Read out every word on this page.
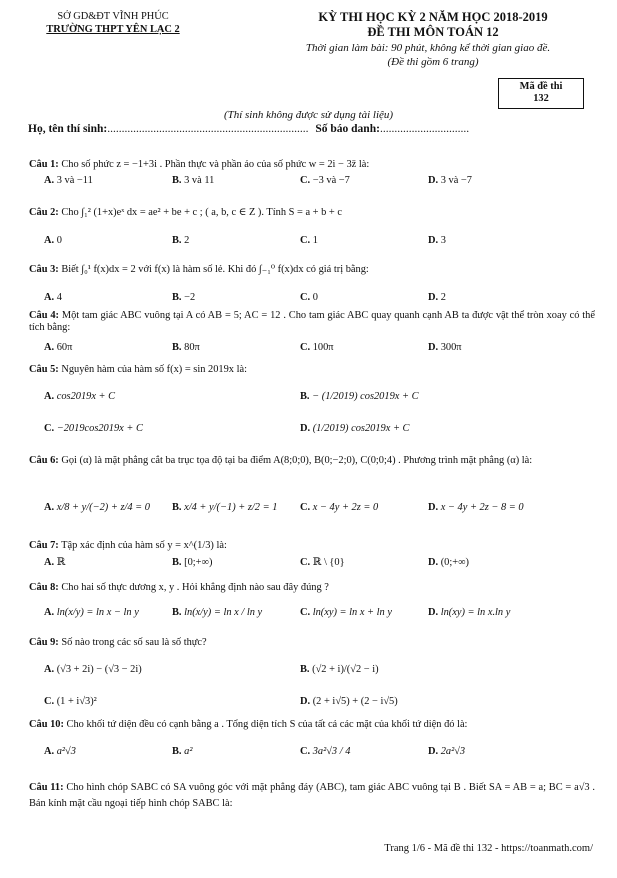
SỞ GD&ĐT VĨNH PHÚC
TRƯỜNG THPT YÊN LẠC 2
KỲ THI HỌC KỲ 2 NĂM HỌC 2018-2019
ĐỀ THI MÔN TOÁN 12
Thời gian làm bài: 90 phút, không kể thời gian giao đề.
(Đề thi gồm 6 trang)
Mã đề thi
132
(Thí sinh không được sử dụng tài liệu)
Họ, tên thí sinh:...................................................................... Số báo danh:...............................
Câu 1: Cho số phức z = −1+3i . Phần thực và phần ảo của số phức w = 2i − 3z̄ là:
A. 3 và −11	B. 3 và 11	C. −3 và −7	D. 3 và −7
Câu 2: Cho ∫₁² (1+x)eˣ dx = ae² + be + c ; ( a, b, c ∈ Z ). Tính S = a + b + c
A. 0	B. 2	C. 1	D. 3
Câu 3: Biết ∫₀¹ f(x)dx = 2 với f(x) là hàm số lẻ. Khi đó ∫₋₁⁰ f(x)dx có giá trị bằng:
A. 4	B. −2	C. 0	D. 2
Câu 4: Một tam giác ABC vuông tại A có AB = 5; AC = 12 . Cho tam giác ABC quay quanh cạnh AB ta được vật thể tròn xoay có thể tích bằng:
A. 60π	B. 80π	C. 100π	D. 300π
Câu 5: Nguyên hàm của hàm số f(x) = sin 2019x là:
A. cos2019x + C	B. − (1/2019) cos2019x + C
C. −2019cos2019x + C	D. (1/2019) cos2019x + C
Câu 6: Gọi (α) là mặt phẳng cắt ba trục tọa độ tại ba điểm A(8;0;0), B(0;−2;0), C(0;0;4) . Phương trình mặt phẳng (α) là:
A. x/8 + y/(−2) + z/4 = 0 B. x/4 + y/(−1) + z/2 = 1 C. x − 4y + 2z = 0	D. x − 4y + 2z − 8 = 0
Câu 7: Tập xác định của hàm số y = x^(1/3) là:
A. ℝ	B. [0;+∞)	C. ℝ \ {0}	D. (0;+∞)
Câu 8: Cho hai số thực dương x, y . Hỏi khẳng định nào sau đây đúng ?
A. ln(x/y) = ln x − ln y	B. ln(x/y) = ln x / ln y	C. ln(xy) = ln x + ln y	D. ln(xy) = ln x.ln y
Câu 9: Số nào trong các số sau là số thực?
A. (√3 + 2i) − (√3 − 2i)	B. (√2 + i)/(√2 − i)
C. (1 + i√3)²	D. (2 + i√5) + (2 − i√5)
Câu 10: Cho khối tứ diện đều có cạnh bằng a . Tổng diện tích S của tất cả các mặt của khối tứ diện đó là:
A. a²√3	B. a²	C. 3a²√3 / 4	D. 2a²√3
Câu 11: Cho hình chóp SABC có SA vuông góc với mặt phẳng đáy (ABC), tam giác ABC vuông tại B . Biết SA = AB = a; BC = a√3 . Bán kính mặt cầu ngoại tiếp hình chóp SABC là:
Trang 1/6 - Mã đề thi 132 - https://toanmath.com/
